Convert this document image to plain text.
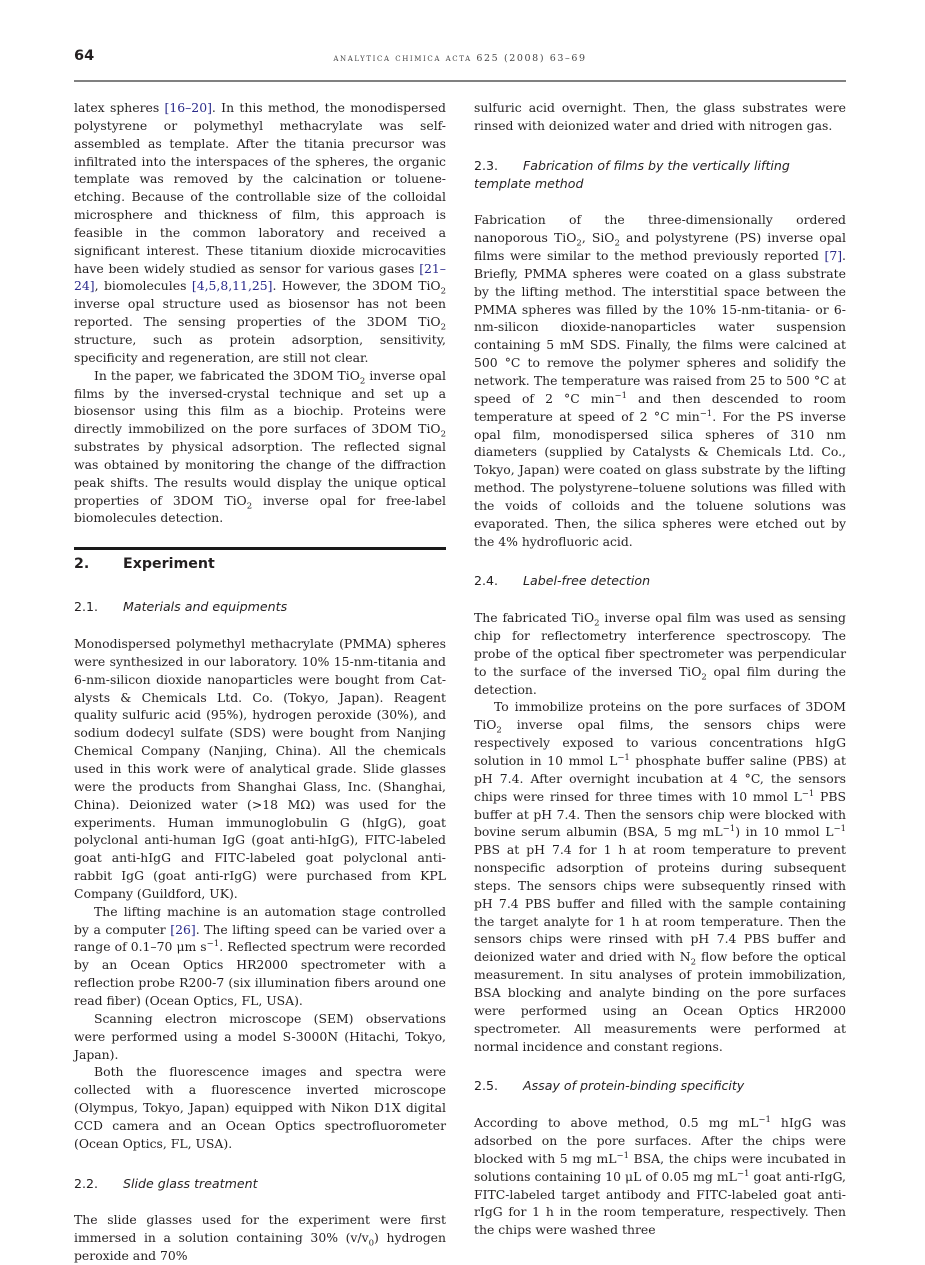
64	analytica chimica acta 625 (2008) 63–69

latex spheres [16–20]. In this method, the monodispersed polystyrene or polymethyl methacrylate was self-assembled as template. After the titania precursor was infiltrated into the interspaces of the spheres, the organic template was removed by the calcination or toluene-etching. Because of the controllable size of the colloidal microsphere and thickness of film, this approach is feasible in the common laboratory and received a significant interest. These titanium dioxide microcavities have been widely studied as sensor for various gases [21–24], biomolecules [4,5,8,11,25]. However, the 3DOM TiO$_2$ inverse opal structure used as biosensor has not been reported. The sensing properties of the 3DOM TiO$_2$ structure, such as protein adsorption, sensitivity, specificity and regeneration, are still not clear.

In the paper, we fabricated the 3DOM TiO$_2$ inverse opal films by the inversed-crystal technique and set up a biosensor using this film as a biochip. Proteins were directly immobilized on the pore surfaces of 3DOM TiO$_2$ substrates by physical adsorption. The reflected signal was obtained by monitoring the change of the diffraction peak shifts. The results would display the unique optical properties of 3DOM TiO$_2$ inverse opal for free-label biomolecules detection.

2. Experiment
2.1. Materials and equipments

Monodispersed polymethyl methacrylate (PMMA) spheres were synthesized in our laboratory. 10% 15-nm-titania and 6-nm-silicon dioxide nanoparticles were bought from Catalysts & Chemicals Ltd. Co. (Tokyo, Japan). Reagent quality sulfuric acid (95%), hydrogen peroxide (30%), and sodium dodecyl sulfate (SDS) were bought from Nanjing Chemical Company (Nanjing, China). All the chemicals used in this work were of analytical grade. Slide glasses were the products from Shanghai Glass, Inc. (Shanghai, China). Deionized water (>18 MΩ) was used for the experiments. Human immunoglobulin G (hIgG), goat polyclonal anti-human IgG (goat anti-hIgG), FITC-labeled goat anti-hIgG and FITC-labeled goat polyclonal anti-rabbit IgG (goat anti-rIgG) were purchased from KPL Company (Guildford, UK).

The lifting machine is an automation stage controlled by a computer [26]. The lifting speed can be varied over a range of 0.1–70 μm $s^{-1}$. Reflected spectrum were recorded by an Ocean Optics HR2000 spectrometer with a reflection probe R200-7 (six illumination fibers around one read fiber) (Ocean Optics, FL, USA).

Scanning electron microscope (SEM) observations were performed using a model S-3000N (Hitachi, Tokyo, Japan).

Both the fluorescence images and spectra were collected with a fluorescence inverted microscope (Olympus, Tokyo, Japan) equipped with Nikon D1X digital CCD camera and an Ocean Optics spectrofluorometer (Ocean Optics, FL, USA).

2.2. Slide glass treatment

The slide glasses used for the experiment were first immersed in a solution containing 30% $(v/v_0)$ hydrogen peroxide and 70%

sulfuric acid overnight. Then, the glass substrates were rinsed with deionized water and dried with nitrogen gas.

2.3. Fabrication of films by the vertically lifting template method

Fabrication of the three-dimensionally ordered nanoporous TiO$_2$, SiO$_2$ and polystyrene (PS) inverse opal films were similar to the method previously reported [7]. Briefly, PMMA spheres were coated on a glass substrate by the lifting method. The interstitial space between the PMMA spheres was filled by the 10% 15-nm-titania- or 6-nm-silicon dioxide-nanoparticles water suspension containing 5 mM SDS. Finally, the films were calcined at 500 °C to remove the polymer spheres and solidify the network. The temperature was raised from 25 to 500 °C at speed of 2 °C $\min^{-1}$ and then descended to room temperature at speed of 2 °C $\min^{-1}$. For the PS inverse opal film, monodispersed silica spheres of 310 nm diameters (supplied by Catalysts & Chemicals Ltd. Co., Tokyo, Japan) were coated on glass substrate by the lifting method. The polystyrene–toluene solutions was filled with the voids of colloids and the toluene solutions was evaporated. Then, the silica spheres were etched out by the 4% hydrofluoric acid.

2.4. Label-free detection

The fabricated TiO$_2$ inverse opal film was used as sensing chip for reflectometry interference spectroscopy. The probe of the optical fiber spectrometer was perpendicular to the surface of the inversed TiO$_2$ opal film during the detection.

To immobilize proteins on the pore surfaces of 3DOM TiO$_2$ inverse opal films, the sensors chips were respectively exposed to various concentrations hIgG solution in 10 mmol $L^{-1}$ phosphate buffer saline (PBS) at pH 7.4. After overnight incubation at 4 °C, the sensors chips were rinsed for three times with 10 mmol $L^{-1}$ PBS buffer at pH 7.4. Then the sensors chip were blocked with bovine serum albumin (BSA, 5 mg $mL^{-1}$) in 10 mmol $L^{-1}$ PBS at pH 7.4 for 1 h at room temperature to prevent nonspecific adsorption of proteins during subsequent steps. The sensors chips were subsequently rinsed with pH 7.4 PBS buffer and filled with the sample containing the target analyte for 1 h at room temperature. Then the sensors chips were rinsed with pH 7.4 PBS buffer and deionized water and dried with $N_2$ flow before the optical measurement. In situ analyses of protein immobilization, BSA blocking and analyte binding on the pore surfaces were performed using an Ocean Optics HR2000 spectrometer. All measurements were performed at normal incidence and constant regions.

2.5. Assay of protein-binding specificity

According to above method, 0.5 mg $mL^{-1}$ hIgG was adsorbed on the pore surfaces. After the chips were blocked with 5 mg $mL^{-1}$ BSA, the chips were incubated in solutions containing 10 μL of 0.05 mg $mL^{-1}$ goat anti-rIgG, FITC-labeled target antibody and FITC-labeled goat anti-rIgG for 1 h in the room temperature, respectively. Then the chips were washed three
